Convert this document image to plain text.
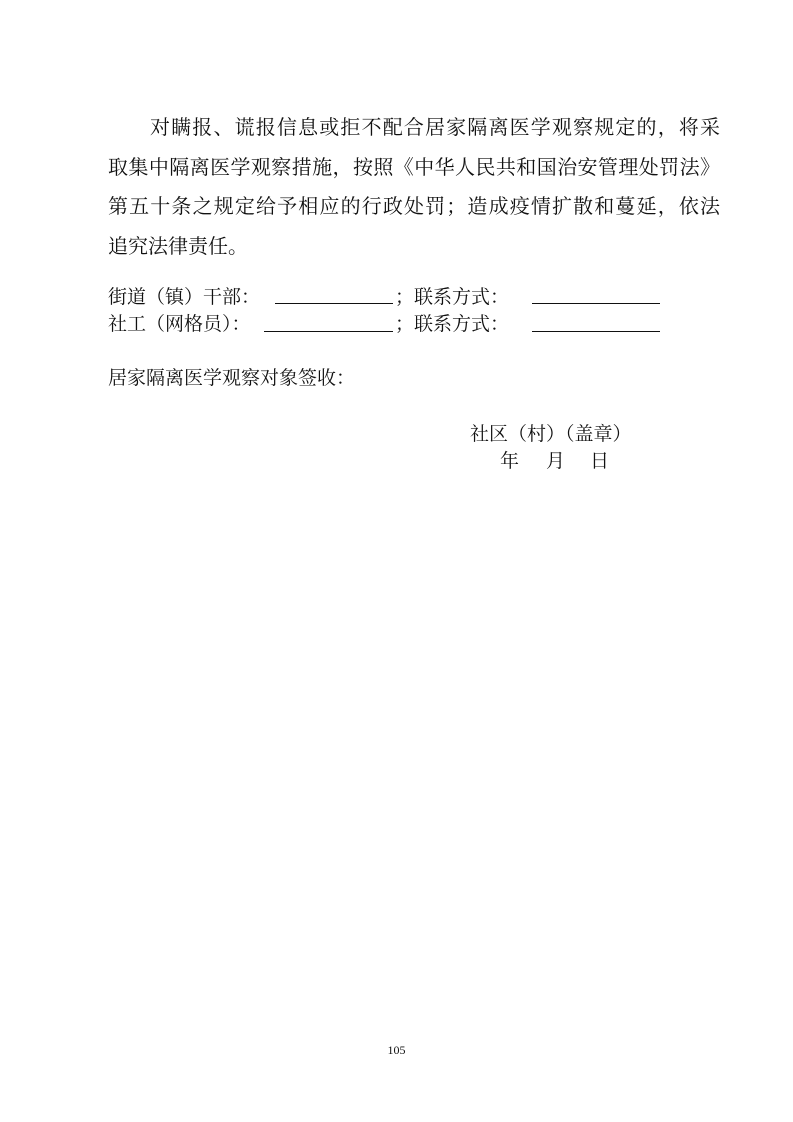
对瞒报、谎报信息或拒不配合居家隔离医学观察规定的，将采
取集中隔离医学观察措施，按照《中华人民共和国治安管理处罚法》
第五十条之规定给予相应的行政处罚；造成疫情扩散和蔓延，依法
追究法律责任。
街道（镇）干部：	；联系方式：
社工（网格员）：	；联系方式：
居家隔离医学观察对象签收：
社区（村）（盖章）
年 月 日
105
